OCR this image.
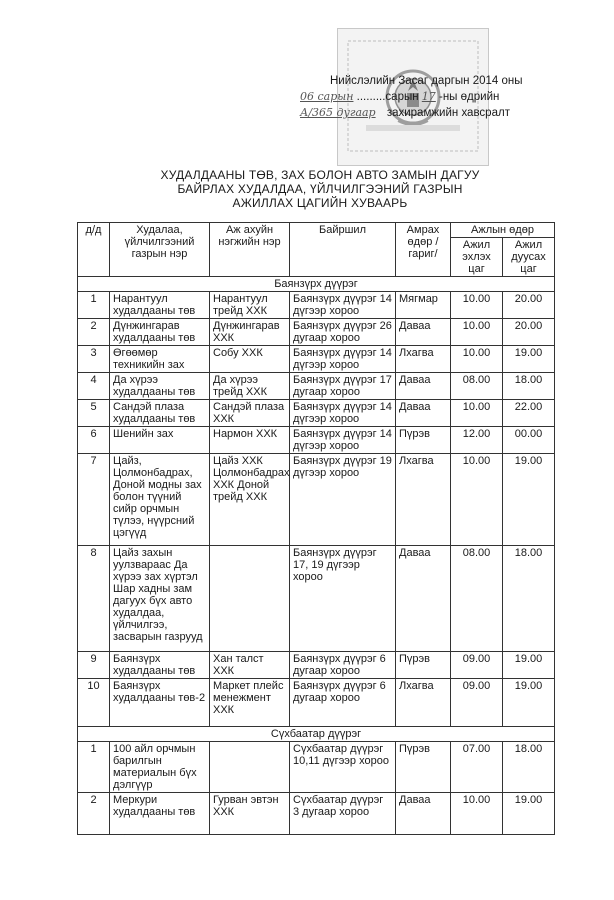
Нийслэлийн Засаг даргын 2014 оны
06 сарын .........сарын 17 -ны өдрийн
А/365 дугаар захирамжийн хавсралт
ХУДАЛДААНЫ ТӨВ, ЗАХ БОЛОН АВТО ЗАМЫН ДАГУУ
БАЙРЛАХ ХУДАЛДАА, ҮЙЛЧИЛГЭЭНИЙ ГАЗРЫН
АЖИЛЛАХ ЦАГИЙН ХУВААРЬ
д/д	Худалаа, үйлчилгээний газрын нэр	Аж ахуйн нэгжийн нэр	Байршил	Амрах өдөр /гариг/	Ажлын өдөр	
					Ажил эхлэх цаг	Ажил дуусах цаг
Баянзүрх дүүрэг						
1	Нарантуул худалдааны төв	Нарантуул трейд ХХК	Баянзүрх дүүрэг 14 дүгээр хороо	Мягмар	10.00	20.00
2	Дүнжингарав худалдааны төв	Дүнжингарав ХХК	Баянзүрх дүүрэг 26 дугаар хороо	Даваа	10.00	20.00
3	Өгөөмөр техникийн зах	Собу ХХК	Баянзүрх дүүрэг 14 дүгээр хороо	Лхагва	10.00	19.00
4	Да хүрээ худалдааны төв	Да хүрээ трейд ХХК	Баянзүрх дүүрэг 17 дугаар хороо	Даваа	08.00	18.00
5	Сандэй плаза худалдааны төв	Сандэй плаза ХХК	Баянзүрх дүүрэг 14 дүгээр хороо	Даваа	10.00	22.00
6	Шенийн зах	Нармон ХХК	Баянзүрх дүүрэг 14 дүгээр хороо	Пүрэв	12.00	00.00
7	Цайз, Цолмонбадрах, Доной модны зах болон түүний сийр орчмын түлээ, нүүрсний цэгүүд	Цайз ХХК Цолмонбадрах ХХК Доной трейд ХХК	Баянзүрх дүүрэг 19 дүгээр хороо	Лхагва	10.00	19.00
8	Цайз захын уулзвараас Да хүрээ зах хүртэл Шар хадны зам дагуух бүх авто худалдаа, үйлчилгээ, засварын газрууд		Баянзүрх дүүрэг 17, 19 дүгээр хороо	Даваа	08.00	18.00
9	Баянзүрх худалдааны төв	Хан талст ХХК	Баянзүрх дүүрэг 6 дугаар хороо	Пүрэв	09.00	19.00
10	Баянзүрх худалдааны төв-2	Маркет плейс менежмент ХХК	Баянзүрх дүүрэг 6 дугаар хороо	Лхагва	09.00	19.00
Сүхбаатар дүүрэг						
1	100 айл орчмын барилгын материалын бүх дэлгүүр		Сүхбаатар дүүрэг 10,11 дүгээр хороо	Пүрэв	07.00	18.00
2	Меркури худалдааны төв	Гурван эвтэн ХХК	Сүхбаатар дүүрэг 3 дугаар хороо	Даваа	10.00	19.00
